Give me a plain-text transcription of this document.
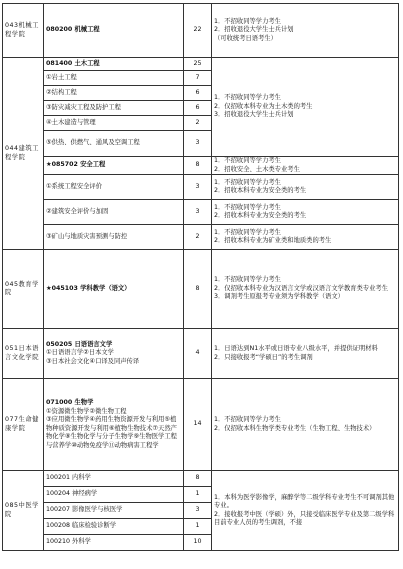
043机械工程学院	080200 机械工程	22	1．不招收同等学力考生
2．招收退役大学生士兵计划
（可收统考日语考生）

044建筑工程学院	081400 土木工程	25	1．不招收同等学力考生
2．仅招收本科专业为土木类的考生
3．招收退役大学生士兵计划

	①岩土工程	7	
	②结构工程	6	
	③防灾减灾工程及防护工程	6	
	④土木建造与管理	2	
	⑤供热、供燃气、通风及空调工程	3	
	★085702 安全工程	8	1．不招收同等学力考生
2．招收安全、土木类专业考生

	①系统工程安全评价	3	1．不招收同等学力考生
2．招收本科专业为安全类的考生

	②建筑安全评价与加固	3	1．不招收同等学力考生
2．招收本科专业为安全类的考生

	③矿山与地质灾害预测与防控	2	1．不招收同等学力考生
2．招收本科专业为矿业类和地质类的考生

045教育学院	★045103 学科教学（语文）	8	1．不招收同等学力考生
2．仅招收本科专业为汉语言文学或汉语言文学教育类专业考生
3．调剂考生原报考专业须为学科教学（语文）

051日本语言文化学院	050205 日语语言文学
①日语语言学②日本文学
③日本社会文化④口译及同声传译	4	1．日语达到N1水平或日语专业八级水平，并提供证明材料
2．只接收报考“学硕日”的考生调剂

077生命健康学院	071000 生物学
①资源微生物学②微生物工程
③应用微生物学④药用生物资源开发与利用⑤植物种质资源开发与利用⑥植物生物技术⑦天然产物化学⑧生物化学与分子生物学⑨生物医学工程与营养学⑩动物免疫学⑪动物病害工程学	14	1．不招收同等学力考生
2．仅招收本科生物学类专业考生（生物工程、生物技术）

085中医学院	100201 内科学	8	1．本科为医学影像学，麻醉学等二级学科专业考生不可调剂其他专业。
2．接收报考中医（学硕）外，只接受临床医学专业及第二级学科目前专业人员的考生调剂，不接

	100204 神经病学	1	
	100207 影像医学与核医学	3	
	100208 临床检验诊断学	1	
	100210 外科学	10	
